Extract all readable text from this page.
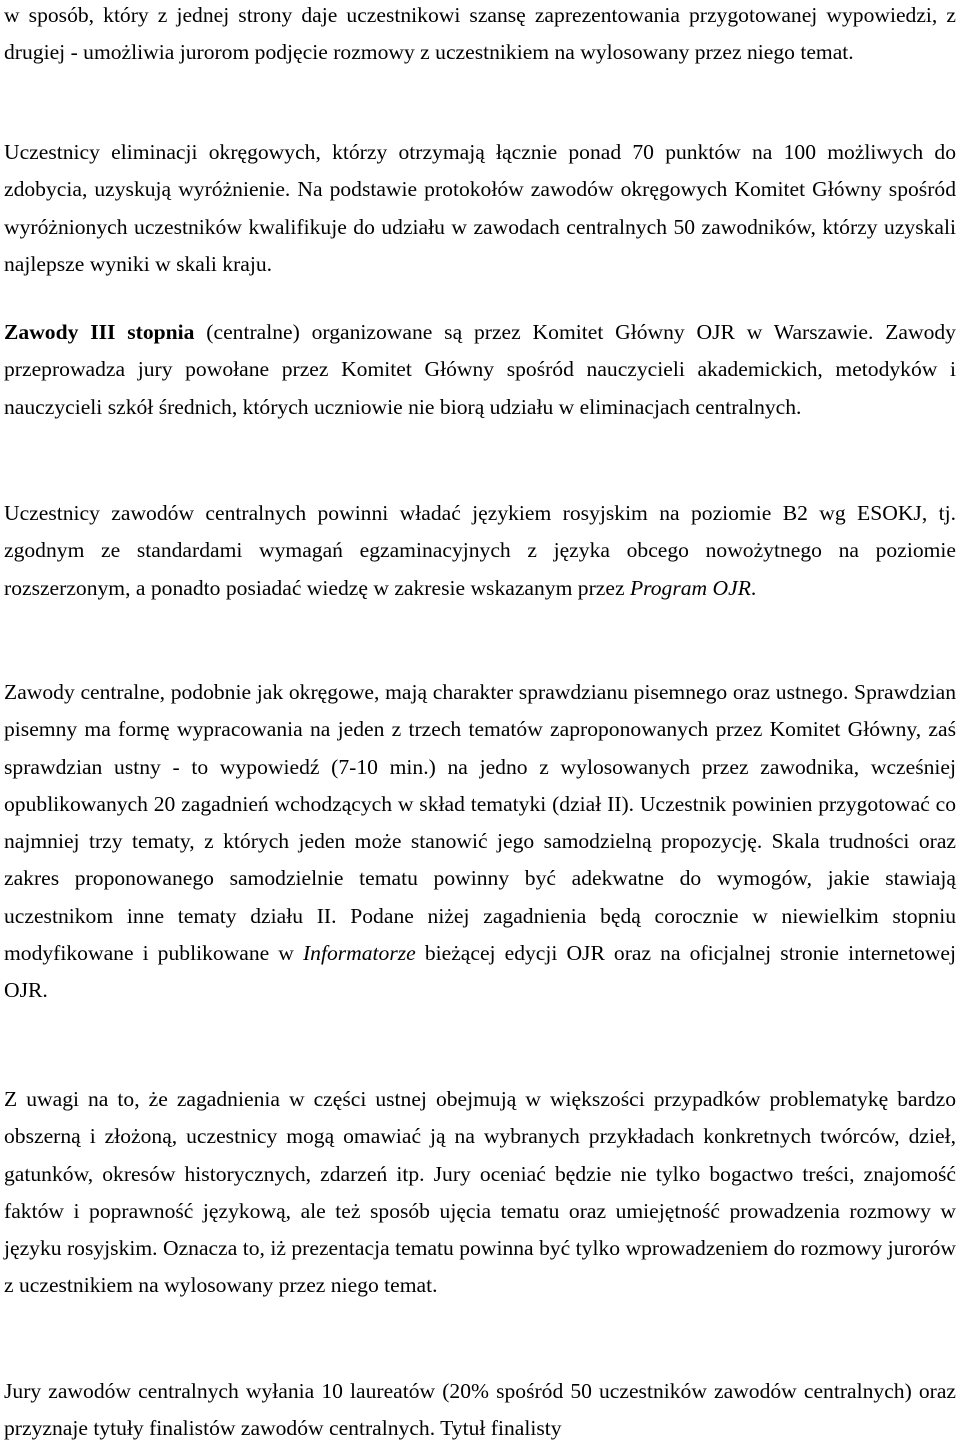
w sposób, który z jednej strony daje uczestnikowi szansę zaprezentowania przygotowanej wypowiedzi, z drugiej - umożliwia jurorom podjęcie rozmowy z uczestnikiem na wylosowany przez niego temat.

Uczestnicy eliminacji okręgowych, którzy otrzymają łącznie ponad 70 punktów na 100 możliwych do zdobycia, uzyskują wyróżnienie. Na podstawie protokołów zawodów okręgowych Komitet Główny spośród wyróżnionych uczestników kwalifikuje do udziału w zawodach centralnych 50 zawodników, którzy uzyskali najlepsze wyniki w skali kraju.

Zawody III stopnia (centralne) organizowane są przez Komitet Główny OJR w Warszawie. Zawody przeprowadza jury powołane przez Komitet Główny spośród nauczycieli akademickich, metodyków i nauczycieli szkół średnich, których uczniowie nie biorą udziału w eliminacjach centralnych.

Uczestnicy zawodów centralnych powinni władać językiem rosyjskim na poziomie B2 wg ESOKJ, tj. zgodnym ze standardami wymagań egzaminacyjnych z języka obcego nowożytnego na poziomie rozszerzonym, a ponadto posiadać wiedzę w zakresie wskazanym przez Program OJR.

Zawody centralne, podobnie jak okręgowe, mają charakter sprawdzianu pisemnego oraz ustnego. Sprawdzian pisemny ma formę wypracowania na jeden z trzech tematów zaproponowanych przez Komitet Główny, zaś sprawdzian ustny - to wypowiedź (7-10 min.) na jedno z wylosowanych przez zawodnika, wcześniej opublikowanych 20 zagadnień wchodzących w skład tematyki (dział II). Uczestnik powinien przygotować co najmniej trzy tematy, z których jeden może stanowić jego samodzielną propozycję. Skala trudności oraz zakres proponowanego samodzielnie tematu powinny być adekwatne do wymogów, jakie stawiają uczestnikom inne tematy działu II. Podane niżej zagadnienia będą corocznie w niewielkim stopniu modyfikowane i publikowane w Informatorze bieżącej edycji OJR oraz na oficjalnej stronie internetowej OJR.

Z uwagi na to, że zagadnienia w części ustnej obejmują w większości przypadków problematykę bardzo obszerną i złożoną, uczestnicy mogą omawiać ją na wybranych przykładach konkretnych twórców, dzieł, gatunków, okresów historycznych, zdarzeń itp. Jury oceniać będzie nie tylko bogactwo treści, znajomość faktów i poprawność językową, ale też sposób ujęcia tematu oraz umiejętność prowadzenia rozmowy w języku rosyjskim. Oznacza to, iż prezentacja tematu powinna być tylko wprowadzeniem do rozmowy jurorów z uczestnikiem na wylosowany przez niego temat.

Jury zawodów centralnych wyłania 10 laureatów (20% spośród 50 uczestników zawodów centralnych) oraz przyznaje tytuły finalistów zawodów centralnych. Tytuł finalisty
